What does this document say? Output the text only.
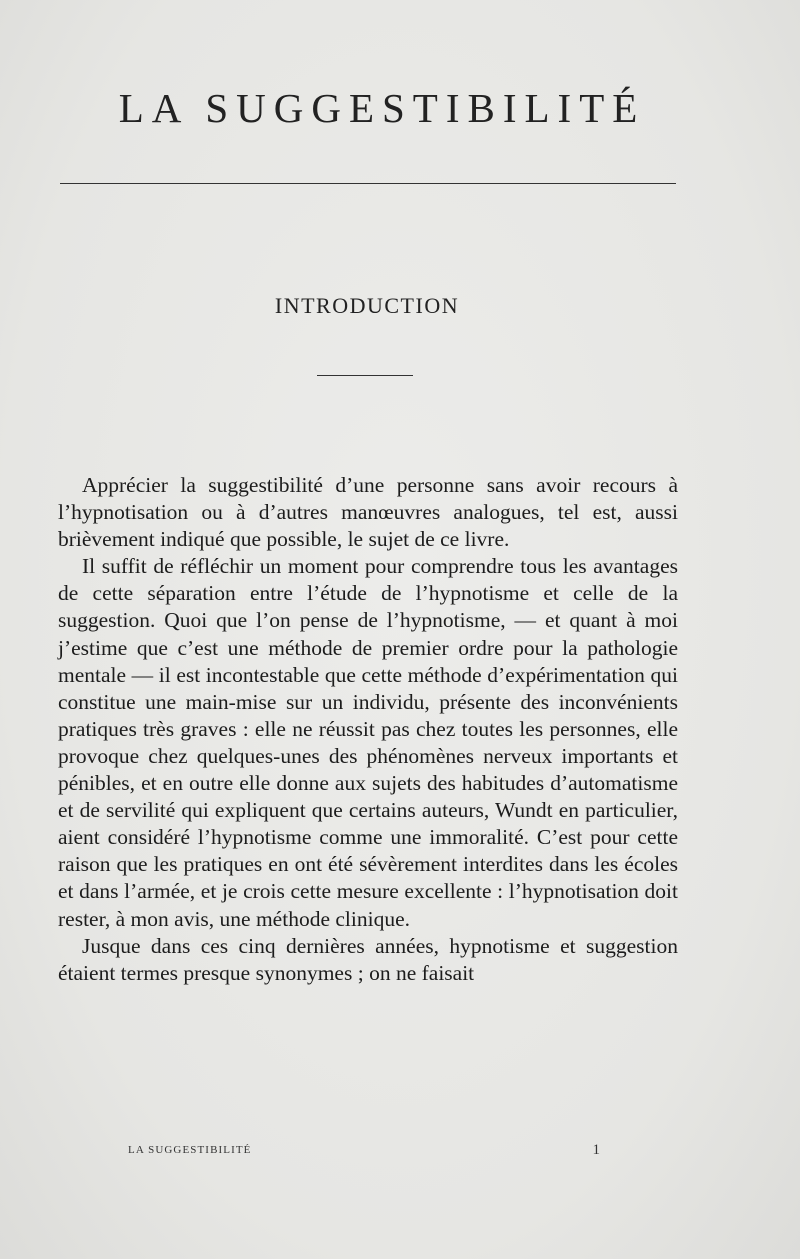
LA SUGGESTIBILITÉ
INTRODUCTION

Apprécier la suggestibilité d’une personne sans avoir recours à l’hypnotisation ou à d’autres manœuvres analogues, tel est, aussi brièvement indiqué que possible, le sujet de ce livre.

Il suffit de réfléchir un moment pour comprendre tous les avantages de cette séparation entre l’étude de l’hypnotisme et celle de la suggestion. Quoi que l’on pense de l’hypnotisme, — et quant à moi j’estime que c’est une méthode de premier ordre pour la pathologie mentale — il est incontestable que cette méthode d’expérimentation qui constitue une main-mise sur un individu, présente des inconvénients pratiques très graves : elle ne réussit pas chez toutes les personnes, elle provoque chez quelques-unes des phénomènes nerveux importants et pénibles, et en outre elle donne aux sujets des habitudes d’automatisme et de servilité qui expliquent que certains auteurs, Wundt en particulier, aient considéré l’hypnotisme comme une immoralité. C’est pour cette raison que les pratiques en ont été sévèrement interdites dans les écoles et dans l’armée, et je crois cette mesure excellente : l’hypnotisation doit rester, à mon avis, une méthode clinique.

Jusque dans ces cinq dernières années, hypnotisme et suggestion étaient termes presque synonymes ; on ne faisait

LA SUGGESTIBILITÉ	1
